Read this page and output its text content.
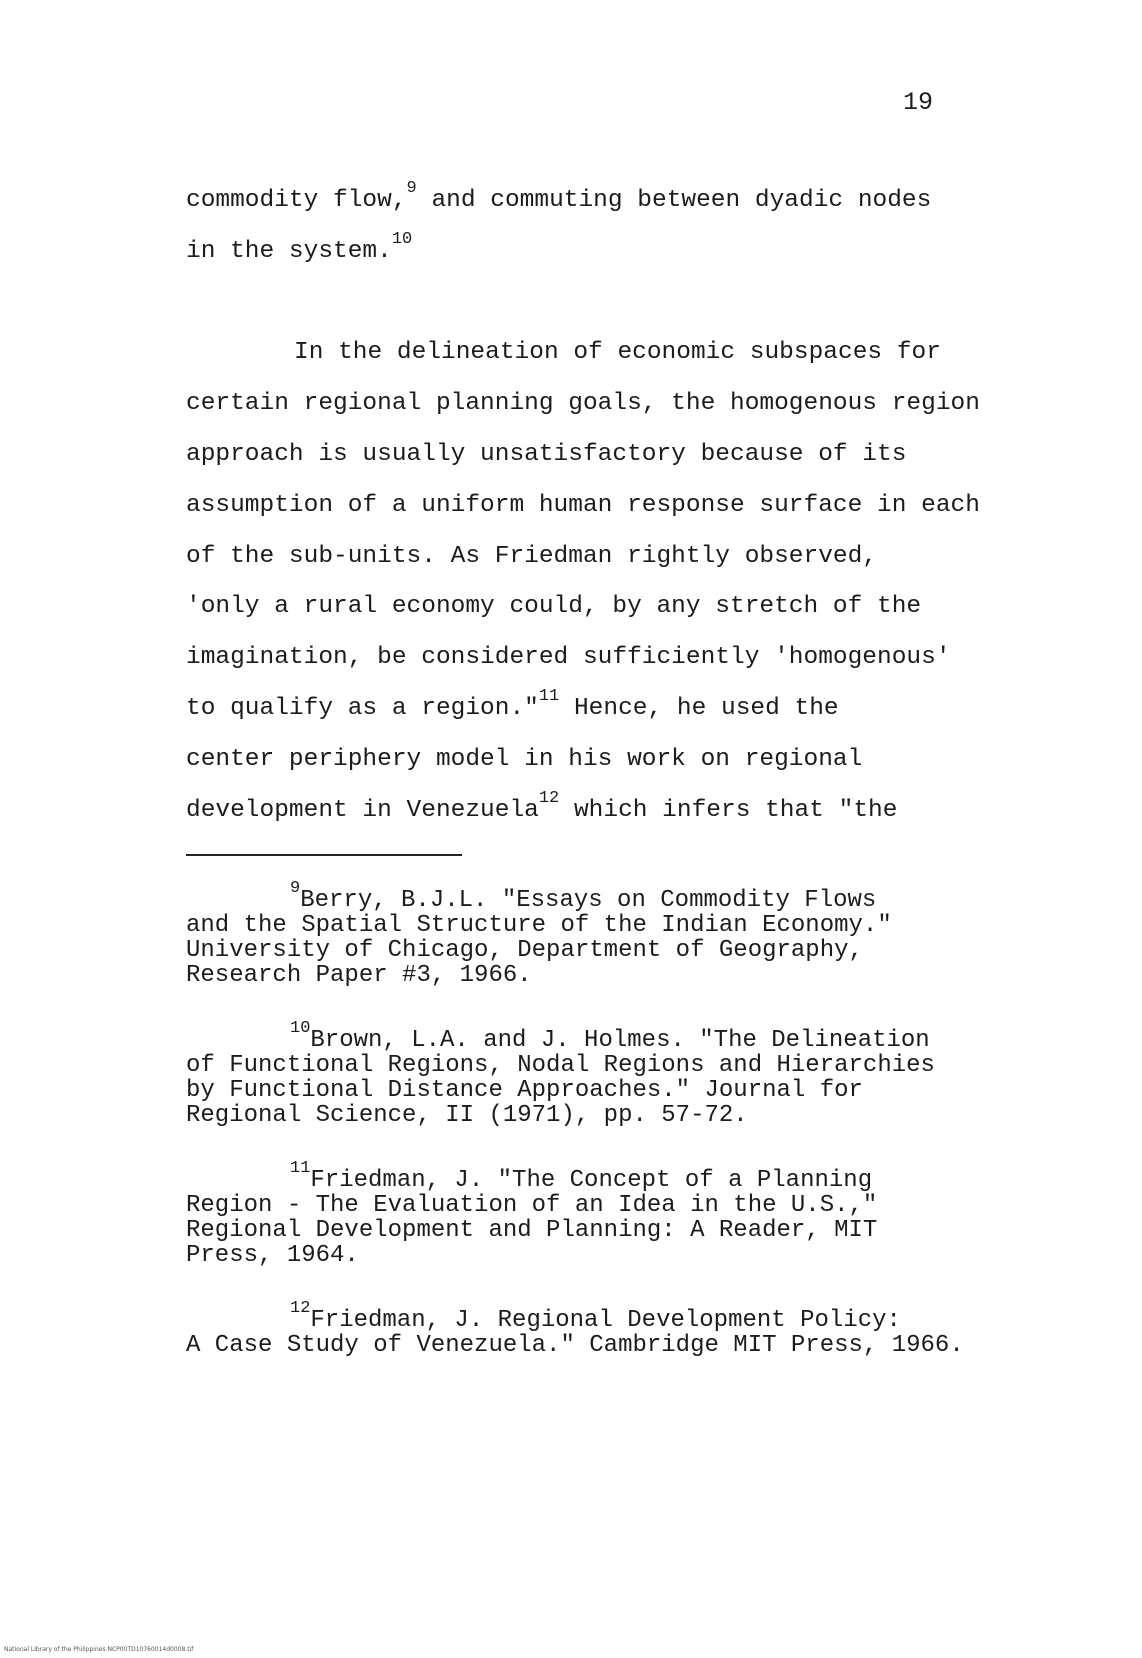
19
commodity flow,$^9$ and commuting between dyadic nodes
in the system.$^{10}$
In the delineation of economic subspaces for
certain regional planning goals, the homogenous region
approach is usually unsatisfactory because of its
assumption of a uniform human response surface in each
of the sub-units. As Friedman rightly observed,
'only a rural economy could, by any stretch of the
imagination, be considered sufficiently 'homogenous'
to qualify as a region."$^{11}$ Hence, he used the
center periphery model in his work on regional
development in Venezuela$^{12}$ which infers that "the
$^9$Berry, B.J.L. "Essays on Commodity Flows
and the Spatial Structure of the Indian Economy."
University of Chicago, Department of Geography,
Research Paper #3, 1966.
$^{10}$Brown, L.A. and J. Holmes. "The Delineation
of Functional Regions, Nodal Regions and Hierarchies
by Functional Distance Approaches." Journal for
Regional Science, II (1971), pp. 57-72.
$^{11}$Friedman, J. "The Concept of a Planning
Region - The Evaluation of an Idea in the U.S.,"
Regional Development and Planning: A Reader, MIT
Press, 1964.
$^{12}$Friedman, J. Regional Development Policy:
A Case Study of Venezuela." Cambridge MIT Press, 1966.
National Library of the Philippines NCP00TD10760014d0008.tif
